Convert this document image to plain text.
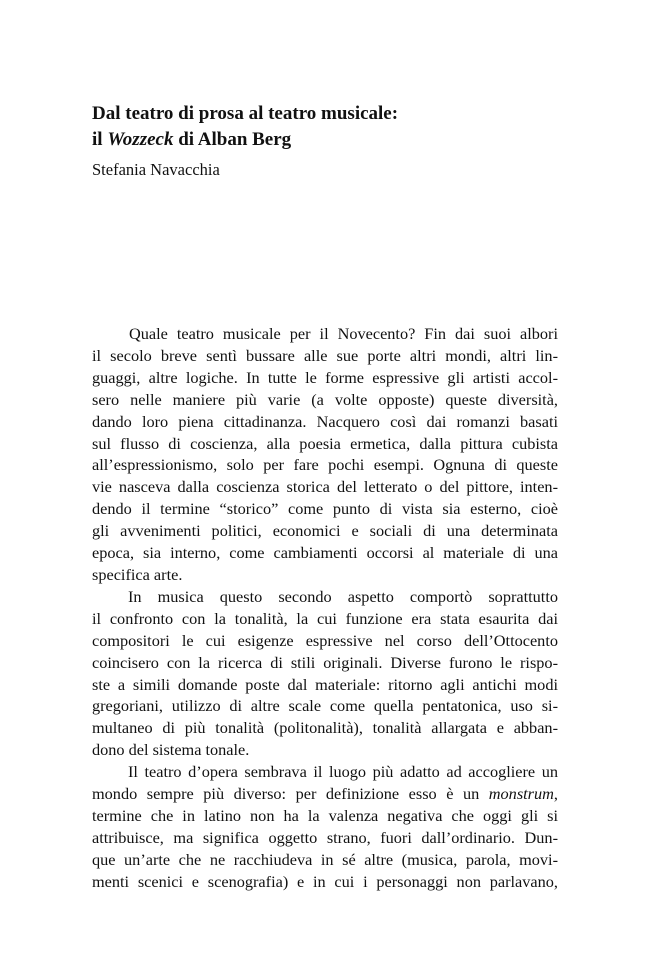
Dal teatro di prosa al teatro musicale:
il Wozzeck di Alban Berg
Stefania Navacchia

Quale teatro musicale per il Novecento? Fin dai suoi albori
il secolo breve sentì bussare alle sue porte altri mondi, altri lin-
guaggi, altre logiche. In tutte le forme espressive gli artisti accol-
sero nelle maniere più varie (a volte opposte) queste diversità,
dando loro piena cittadinanza. Nacquero così dai romanzi basati
sul flusso di coscienza, alla poesia ermetica, dalla pittura cubista
all’espressionismo, solo per fare pochi esempi. Ognuna di queste
vie nasceva dalla coscienza storica del letterato o del pittore, inten-
dendo il termine “storico” come punto di vista sia esterno, cioè
gli avvenimenti politici, economici e sociali di una determinata
epoca, sia interno, come cambiamenti occorsi al materiale di una
specifica arte.

In musica questo secondo aspetto comportò soprattutto
il confronto con la tonalità, la cui funzione era stata esaurita dai
compositori le cui esigenze espressive nel corso dell’Ottocento
coincisero con la ricerca di stili originali. Diverse furono le rispo-
ste a simili domande poste dal materiale: ritorno agli antichi modi
gregoriani, utilizzo di altre scale come quella pentatonica, uso si-
multaneo di più tonalità (politonalità), tonalità allargata e abban-
dono del sistema tonale.

Il teatro d’opera sembrava il luogo più adatto ad accogliere un
mondo sempre più diverso: per definizione esso è un monstrum,
termine che in latino non ha la valenza negativa che oggi gli si
attribuisce, ma significa oggetto strano, fuori dall’ordinario. Dun-
que un’arte che ne racchiudeva in sé altre (musica, parola, movi-
menti scenici e scenografia) e in cui i personaggi non parlavano,
